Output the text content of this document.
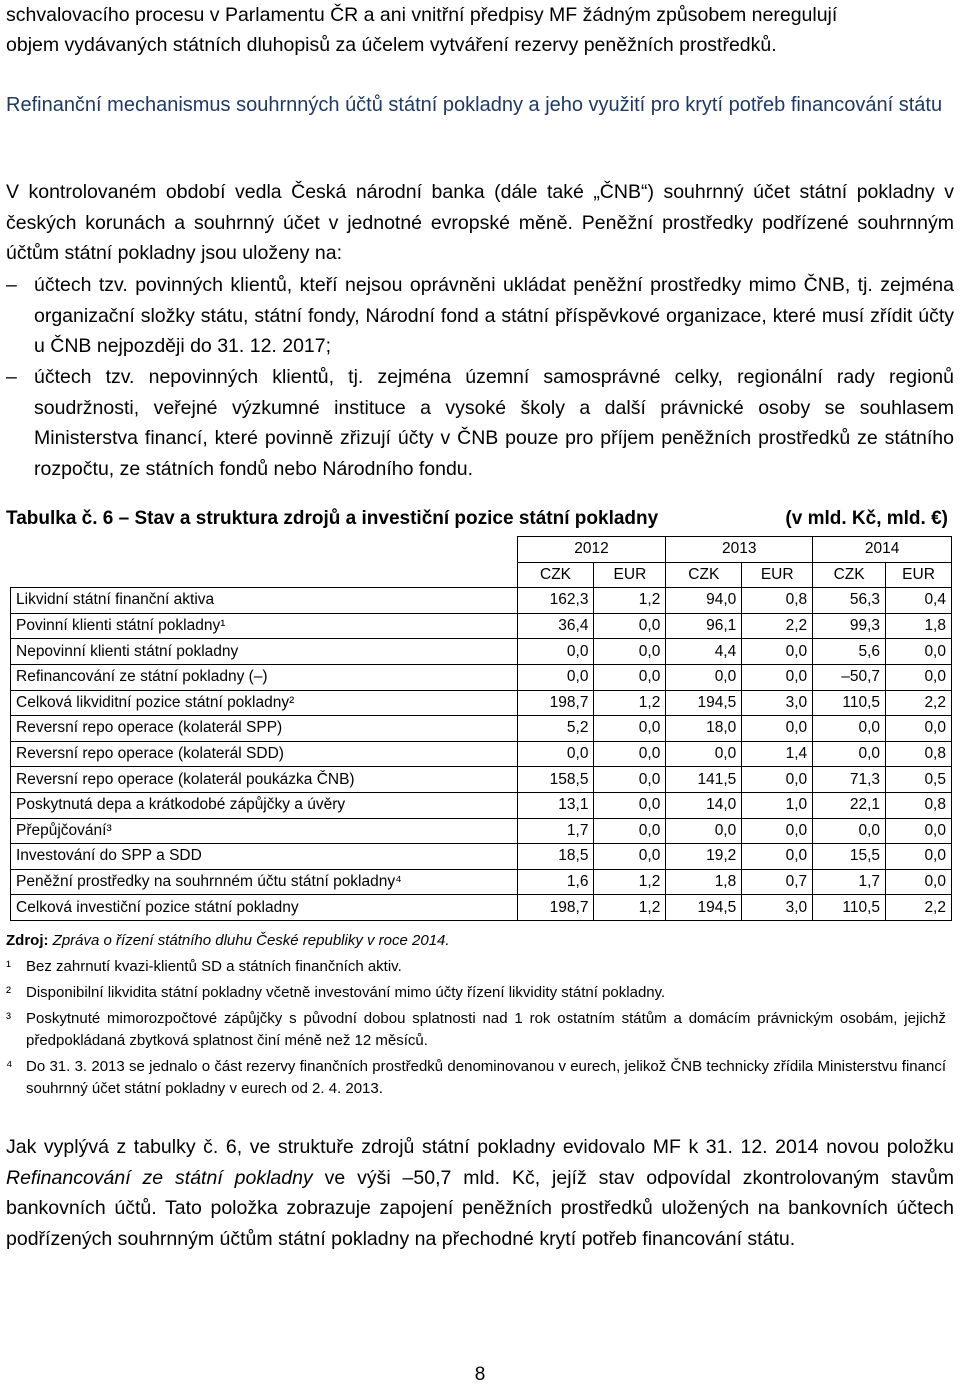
schvalovacího procesu v Parlamentu ČR a ani vnitřní předpisy MF žádným způsobem neregulují

objem vydávaných státních dluhopisů za účelem vytváření rezervy peněžních prostředků.

Refinanční mechanismus souhrnných účtů státní pokladny a jeho využití pro krytí potřeb financování státu

V kontrolovaném období vedla Česká národní banka (dále také „ČNB“) souhrnný účet státní pokladny v českých korunách a souhrnný účet v jednotné evropské měně. Peněžní prostředky podřízené souhrnným účtům státní pokladny jsou uloženy na:

– účtech tzv. povinných klientů, kteří nejsou oprávněni ukládat peněžní prostředky mimo ČNB, tj. zejména organizační složky státu, státní fondy, Národní fond a státní příspěvkové organizace, které musí zřídit účty u ČNB nejpozději do 31. 12. 2017;
– účtech tzv. nepovinných klientů, tj. zejména územní samosprávné celky, regionální rady regionů soudržnosti, veřejné výzkumné instituce a vysoké školy a další právnické osoby se souhlasem Ministerstva financí, které povinně zřizují účty v ČNB pouze pro příjem peněžních prostředků ze státního rozpočtu, ze státních fondů nebo Národního fondu.
Tabulka č. 6 – Stav a struktura zdrojů a investiční pozice státní pokladny	(v mld. Kč, mld. €)
	2012		2013		2014	
	CZK	EUR	CZK	EUR	CZK	EUR
Likvidní státní finanční aktiva	162,3	1,2	94,0	0,8	56,3	0,4
Povinní klienti státní pokladny¹	36,4	0,0	96,1	2,2	99,3	1,8
Nepovinní klienti státní pokladny	0,0	0,0	4,4	0,0	5,6	0,0
Refinancování ze státní pokladny (–)	0,0	0,0	0,0	0,0	–50,7	0,0
Celková likviditní pozice státní pokladny²	198,7	1,2	194,5	3,0	110,5	2,2
Reversní repo operace (kolaterál SPP)	5,2	0,0	18,0	0,0	0,0	0,0
Reversní repo operace (kolaterál SDD)	0,0	0,0	0,0	1,4	0,0	0,8
Reversní repo operace (kolaterál poukázka ČNB)	158,5	0,0	141,5	0,0	71,3	0,5
Poskytnutá depa a krátkodobé zápůjčky a úvěry	13,1	0,0	14,0	1,0	22,1	0,8
Přepůjčování³	1,7	0,0	0,0	0,0	0,0	0,0
Investování do SPP a SDD	18,5	0,0	19,2	0,0	15,5	0,0
Peněžní prostředky na souhrnném účtu státní pokladny⁴	1,6	1,2	1,8	0,7	1,7	0,0
Celková investiční pozice státní pokladny	198,7	1,2	194,5	3,0	110,5	2,2
Zdroj: Zpráva o řízení státního dluhu České republiky v roce 2014.
¹ Bez zahrnutí kvazi-klientů SD a státních finančních aktiv.
² Disponibilní likvidita státní pokladny včetně investování mimo účty řízení likvidity státní pokladny.
³ Poskytnuté mimorozpočtové zápůjčky s původní dobou splatnosti nad 1 rok ostatním státům a domácím právnickým osobám, jejichž předpokládaná zbytková splatnost činí méně než 12 měsíců.
⁴ Do 31. 3. 2013 se jednalo o část rezervy finančních prostředků denominovanou v eurech, jelikož ČNB technicky zřídila Ministerstvu financí souhrnný účet státní pokladny v eurech od 2. 4. 2013.

Jak vyplývá z tabulky č. 6, ve struktuře zdrojů státní pokladny evidovalo MF k 31. 12. 2014 novou položku Refinancování ze státní pokladny ve výši –50,7 mld. Kč, jejíž stav odpovídal zkontrolovaným stavům bankovních účtů. Tato položka zobrazuje zapojení peněžních prostředků uložených na bankovních účtech podřízených souhrnným účtům státní pokladny na přechodné krytí potřeb financování státu.

8
